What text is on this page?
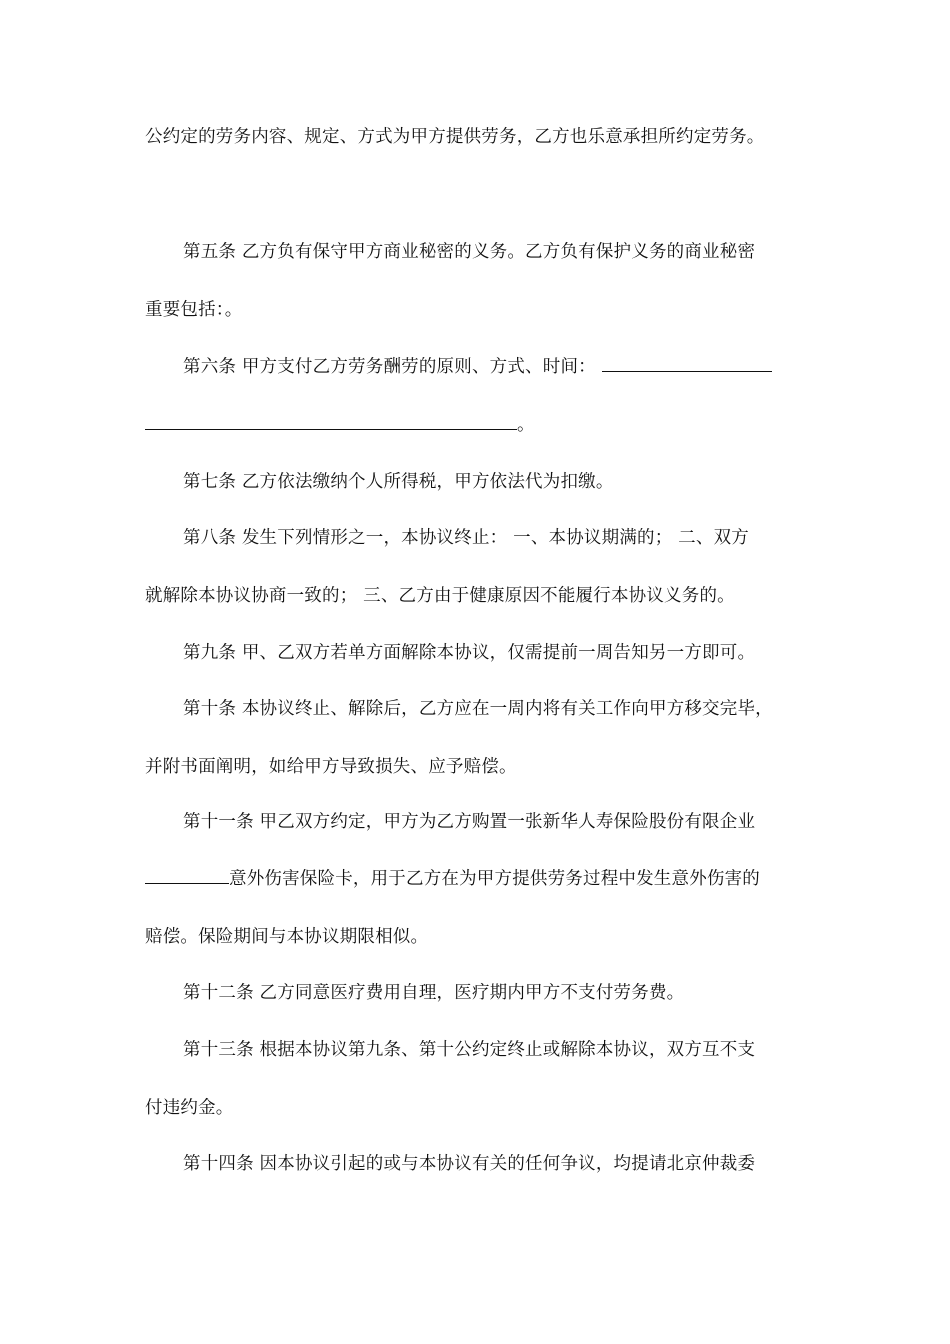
公约定的劳务内容、规定、方式为甲方提供劳务，乙方也乐意承担所约定劳务。
第五条 乙方负有保守甲方商业秘密的义务。乙方负有保护义务的商业秘密
重要包括：。
第六条 甲方支付乙方劳务酬劳的原则、方式、时间：
。
第七条 乙方依法缴纳个人所得税，甲方依法代为扣缴。
第八条 发生下列情形之一，本协议终止： 一、本协议期满的； 二、双方
就解除本协议协商一致的； 三、乙方由于健康原因不能履行本协议义务的。
第九条 甲、乙双方若单方面解除本协议，仅需提前一周告知另一方即可。
第十条 本协议终止、解除后，乙方应在一周内将有关工作向甲方移交完毕，
并附书面阐明，如给甲方导致损失、应予赔偿。
第十一条 甲乙双方约定，甲方为乙方购置一张新华人寿保险股份有限企业
意外伤害保险卡，用于乙方在为甲方提供劳务过程中发生意外伤害的
赔偿。保险期间与本协议期限相似。
第十二条 乙方同意医疗费用自理，医疗期内甲方不支付劳务费。
第十三条 根据本协议第九条、第十公约定终止或解除本协议，双方互不支
付违约金。
第十四条 因本协议引起的或与本协议有关的任何争议，均提请北京仲裁委
